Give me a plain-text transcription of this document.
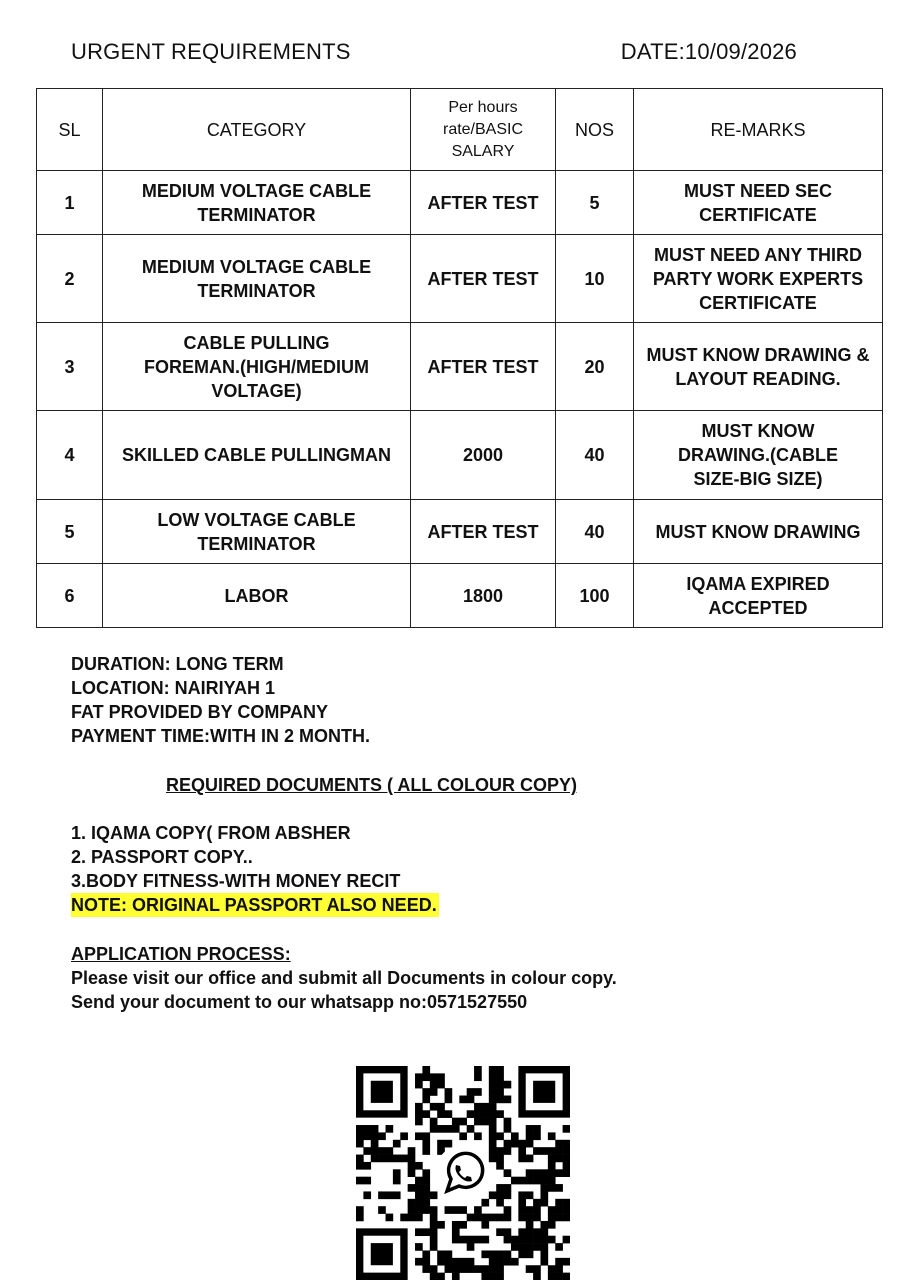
URGENT REQUIREMENTS	DATE:10/09/2026
SL	CATEGORY	Per hours
rate/BASIC
SALARY	NOS	RE-MARKS
1	MEDIUM VOLTAGE CABLE
TERMINATOR	AFTER TEST	5	MUST NEED SEC
CERTIFICATE
2	MEDIUM VOLTAGE CABLE
TERMINATOR	AFTER TEST	10	MUST NEED ANY THIRD
PARTY WORK EXPERTS
CERTIFICATE
3	CABLE PULLING
FOREMAN.(HIGH/MEDIUM
VOLTAGE)	AFTER TEST	20	MUST KNOW DRAWING &
LAYOUT READING.
4	SKILLED CABLE PULLINGMAN	2000	40	MUST KNOW
DRAWING.(CABLE
SIZE-BIG SIZE)
5	LOW VOLTAGE CABLE
TERMINATOR	AFTER TEST	40	MUST KNOW DRAWING
6	LABOR	1800	100	IQAMA EXPIRED
ACCEPTED
DURATION: LONG TERM
LOCATION: NAIRIYAH 1
FAT PROVIDED BY COMPANY
PAYMENT TIME:WITH IN 2 MONTH.
REQUIRED DOCUMENTS ( ALL COLOUR COPY)
1. IQAMA COPY( FROM ABSHER
2. PASSPORT COPY..
3.BODY FITNESS-WITH MONEY RECIT
NOTE: ORIGINAL PASSPORT ALSO NEED.
APPLICATION PROCESS:
Please visit our office and submit all Documents in colour copy.
Send your document to our whatsapp no:0571527550
